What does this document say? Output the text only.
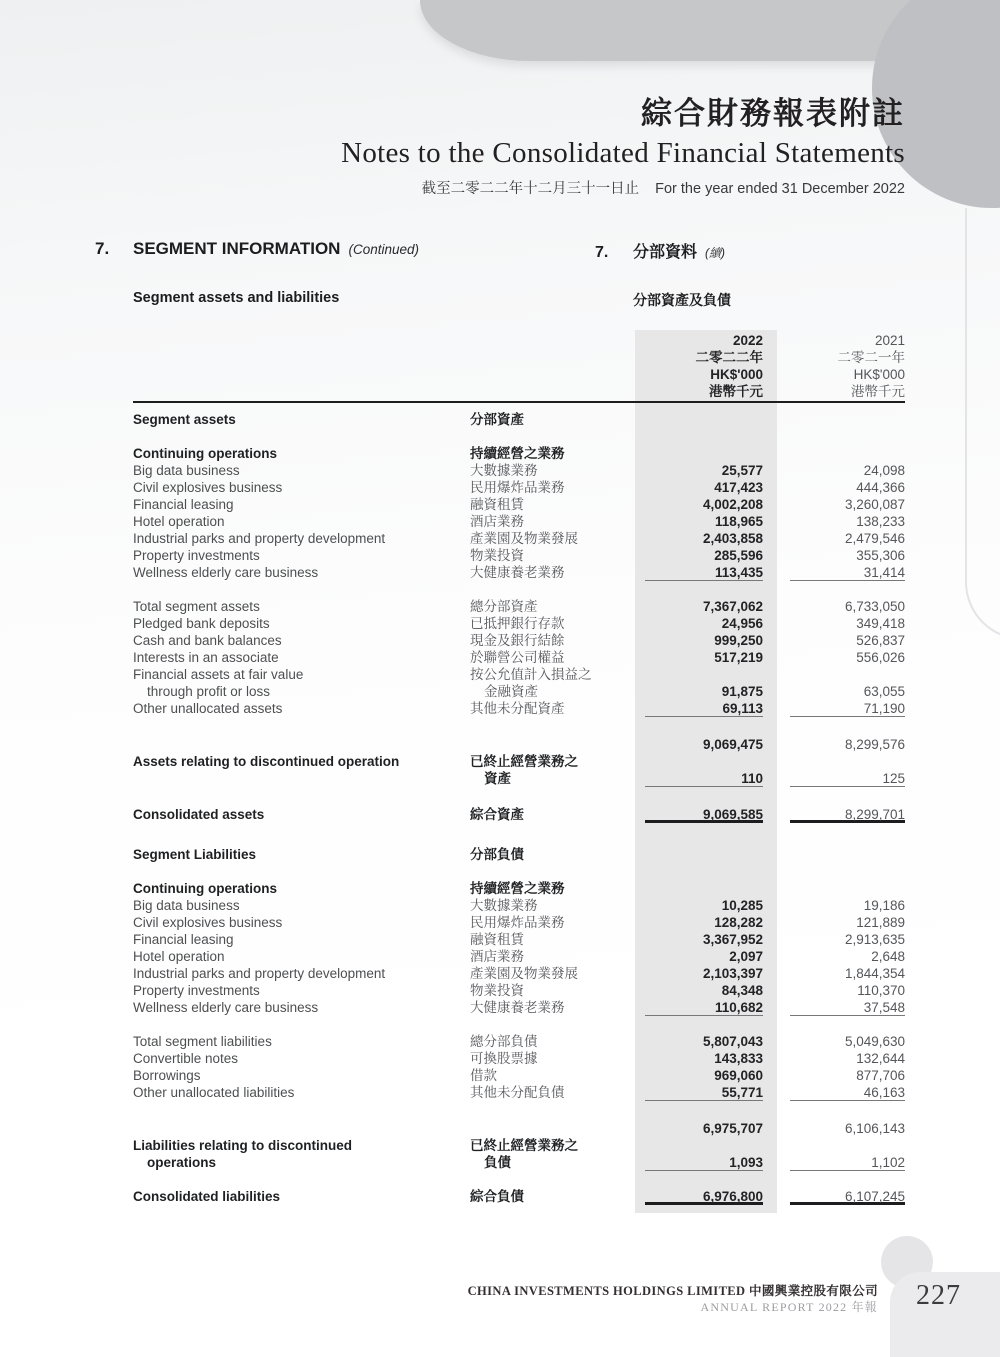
綜合財務報表附註
Notes to the Consolidated Financial Statements
截至二零二二年十二月三十一日止 For the year ended 31 December 2022
7. SEGMENT INFORMATION (Continued)	7. 分部資料 (續)
Segment assets and liabilities	分部資產及負債
2022	2021
二零二二年	二零二一年
HK$'000	HK$'000
港幣千元	港幣千元
Segment assets	分部資產
Continuing operations	持續經營之業務
Big data business	大數據業務	25,577	24,098
Civil explosives business	民用爆炸品業務	417,423	444,366
Financial leasing	融資租賃	4,002,208	3,260,087
Hotel operation	酒店業務	118,965	138,233
Industrial parks and property development	產業園及物業發展	2,403,858	2,479,546
Property investments	物業投資	285,596	355,306
Wellness elderly care business	大健康養老業務	113,435	31,414
Total segment assets	總分部資產	7,367,062	6,733,050
Pledged bank deposits	已抵押銀行存款	24,956	349,418
Cash and bank balances	現金及銀行結餘	999,250	526,837
Interests in an associate	於聯營公司權益	517,219	556,026
Financial assets at fair value	按公允值計入損益之
through profit or loss	金融資產	91,875	63,055
Other unallocated assets	其他未分配資產	69,113	71,190
9,069,475	8,299,576
Assets relating to discontinued operation	已終止經營業務之
資產	110	125
Consolidated assets	綜合資產	9,069,585	8,299,701
Segment Liabilities	分部負債
Continuing operations	持續經營之業務
Big data business	大數據業務	10,285	19,186
Civil explosives business	民用爆炸品業務	128,282	121,889
Financial leasing	融資租賃	3,367,952	2,913,635
Hotel operation	酒店業務	2,097	2,648
Industrial parks and property development	產業園及物業發展	2,103,397	1,844,354
Property investments	物業投資	84,348	110,370
Wellness elderly care business	大健康養老業務	110,682	37,548
Total segment liabilities	總分部負債	5,807,043	5,049,630
Convertible notes	可換股票據	143,833	132,644
Borrowings	借款	969,060	877,706
Other unallocated liabilities	其他未分配負債	55,771	46,163
6,975,707	6,106,143
Liabilities relating to discontinued	已終止經營業務之
operations	負債	1,093	1,102
Consolidated liabilities	綜合負債	6,976,800	6,107,245
CHINA INVESTMENTS HOLDINGS LIMITED 中國興業控股有限公司
ANNUAL REPORT 2022 年報 227
